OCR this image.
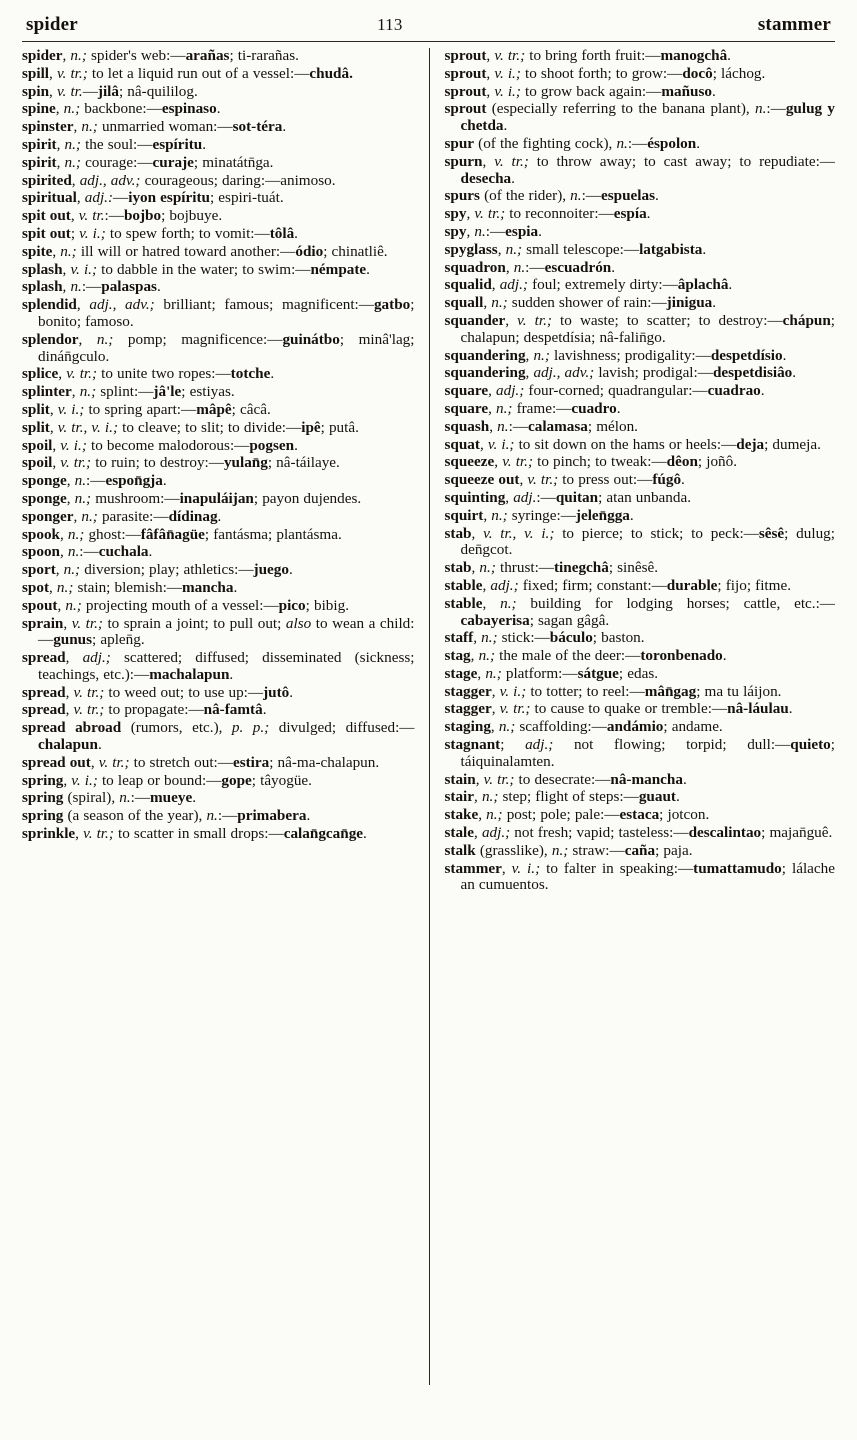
spider	113	stammer

spider, n.; spider's web:—arañas; ti-rarañas.

spill, v. tr.; to let a liquid run out of a vessel:—chudâ.

spin, v. tr.—jilâ; nâ-quililog.

spine, n.; backbone:—espinaso.

spinster, n.; unmarried woman:—sot-téra.

spirit, n.; the soul:—espíritu.

spirit, n.; courage:—curaje; minatátn̄ga.

spirited, adj., adv.; courageous; daring:—animoso.

spiritual, adj.:—iyon espíritu; espiri-tuát.

spit out, v. tr.:—bojbo; bojbuye.

spit out; v. i.; to spew forth; to vomit:—tôlâ.

spite, n.; ill will or hatred toward another:—ódio; chinatliê.

splash, v. i.; to dabble in the water; to swim:—némpate.

splash, n.:—palaspas.

splendid, adj., adv.; brilliant; famous; magnificent:—gatbo; bonito; famoso.

splendor, n.; pomp; magnificence:—guinátbo; minâ'lag; dinán̄gculo.

splice, v. tr.; to unite two ropes:—totche.

splinter, n.; splint:—jâ'le; estiyas.

split, v. i.; to spring apart:—mâpê; câcâ.

split, v. tr., v. i.; to cleave; to slit; to divide:—ipê; putâ.

spoil, v. i.; to become malodorous:—pogsen.

spoil, v. tr.; to ruin; to destroy:—yulan̄g; nâ-táilaye.

sponge, n.:—espon̄gja.

sponge, n.; mushroom:—inapuláijan; payon dujendes.

sponger, n.; parasite:—dídinag.

spook, n.; ghost:—fâfân̄agüe; fantásma; plantásma.

spoon, n.:—cuchala.

sport, n.; diversion; play; athletics:—juego.

spot, n.; stain; blemish:—mancha.

spout, n.; projecting mouth of a vessel:—pico; bibig.

sprain, v. tr.; to sprain a joint; to pull out; also to wean a child:—gunus; aplen̄g.

spread, adj.; scattered; diffused; disseminated (sickness; teachings, etc.):—machalapun.

spread, v. tr.; to weed out; to use up:—jutô.

spread, v. tr.; to propagate:—nâ-famtâ.

spread abroad (rumors, etc.), p. p.; divulged; diffused:—chalapun.

spread out, v. tr.; to stretch out:—estira; nâ-ma-chalapun.

spring, v. i.; to leap or bound:—gope; tâyogüe.

spring (spiral), n.:—mueye.

spring (a season of the year), n.:—primabera.

sprinkle, v. tr.; to scatter in small drops:—calan̄gcan̄ge.

sprout, v. tr.; to bring forth fruit:—manogchâ.

sprout, v. i.; to shoot forth; to grow:—docô; láchog.

sprout, v. i.; to grow back again:—mañuso.

sprout (especially referring to the banana plant), n.:—gulug y chetda.

spur (of the fighting cock), n.:—éspolon.

spurn, v. tr.; to throw away; to cast away; to repudiate:—desecha.

spurs (of the rider), n.:—espuelas.

spy, v. tr.; to reconnoiter:—espía.

spy, n.:—espia.

spyglass, n.; small telescope:—latgabista.

squadron, n.:—escuadrón.

squalid, adj.; foul; extremely dirty:—âplachâ.

squall, n.; sudden shower of rain:—jinigua.

squander, v. tr.; to waste; to scatter; to destroy:—chápun; chalapun; despetdísia; nâ-falin̄go.

squandering, n.; lavishness; prodigality:—despetdísio.

squandering, adj., adv.; lavish; prodigal:—despetdisiâo.

square, adj.; four-corned; quadrangular:—cuadrao.

square, n.; frame:—cuadro.

squash, n.:—calamasa; mélon.

squat, v. i.; to sit down on the hams or heels:—deja; dumeja.

squeeze, v. tr.; to pinch; to tweak:—dêon; joñô.

squeeze out, v. tr.; to press out:—fúgô.

squinting, adj.:—quitan; atan unbanda.

squirt, n.; syringe:—jelen̄gga.

stab, v. tr., v. i.; to pierce; to stick; to peck:—sêsê; dulug; den̄gcot.

stab, n.; thrust:—tinegchâ; sinêsê.

stable, adj.; fixed; firm; constant:—durable; fijo; fitme.

stable, n.; building for lodging horses; cattle, etc.:—cabayerisa; sagan gâgâ.

staff, n.; stick:—báculo; baston.

stag, n.; the male of the deer:—toronbenado.

stage, n.; platform:—sátgue; edas.

stagger, v. i.; to totter; to reel:—mân̄gag; ma tu láijon.

stagger, v. tr.; to cause to quake or tremble:—nâ-láulau.

staging, n.; scaffolding:—andámio; andame.

stagnant; adj.; not flowing; torpid; dull:—quieto; táiquinalamten.

stain, v. tr.; to desecrate:—nâ-mancha.

stair, n.; step; flight of steps:—guaut.

stake, n.; post; pole; pale:—estaca; jotcon.

stale, adj.; not fresh; vapid; tasteless:—descalintao; majan̄guê.

stalk (grasslike), n.; straw:—caña; paja.

stammer, v. i.; to falter in speaking:—tumattamudo; lálache an cumuentos.
